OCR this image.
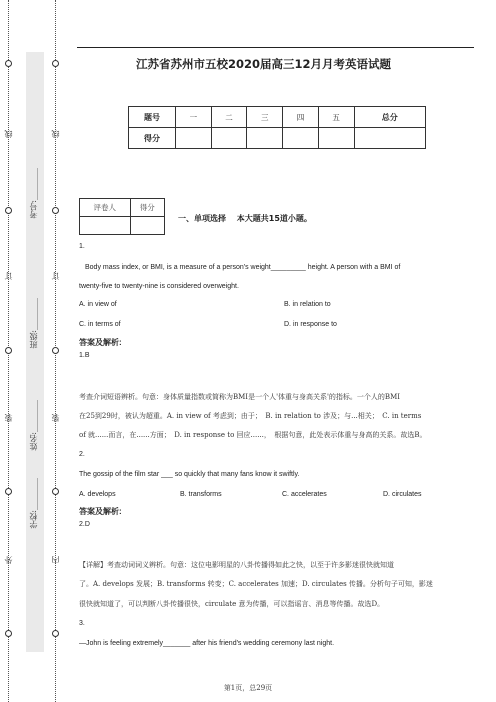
线
订
装
外
考号:________
班级:________
姓名:________
学校:________
线
订
装
内
江苏省苏州市五校2020届高三12月月考英语试题
题号	一	二	三	四	五	总分
得分						
评卷人	得分

一、单项选择　 本大题共15道小题。
1.
Body mass index, or BMI, is a measure of a person's weight_________ height. A person with a BMI of
twenty-five to twenty-nine is considered overweight.
A. in view of	B. in relation to
C. in terms of	D. in response to
答案及解析:
1.B
考查介词短语辨析。句意：身体质量指数或简称为BMI是一个人'体重与身高关系'的指标。一个人的BMI
在25到29时，被认为超重。A. in view of 考虑到；由于；　B. in relation to 涉及；与...相关；　C. in terms
of 就......而言，在......方面；　D. in response to 回应......，　根据句意，此处表示体重与身高的关系。故选B。
2.
The gossip of the film star ___ so quickly that many fans know it swiftly.
A. develops	B. transforms	C. accelerates	D. circulates
答案及解析:
2.D
【详解】考查动词词义辨析。句意：这位电影明星的八卦传播得如此之快，以至于许多影迷很快就知道
了。A. develops 发展；B. transforms 转变；C. accelerates 加速；D. circulates 传播。分析句子可知，影迷
很快就知道了，可以判断八卦传播很快，circulate 意为传播，可以指谣言、消息等传播。故选D。
3.
—John is feeling extremely_______ after his friend's wedding ceremony last night.
第1页，总29页
